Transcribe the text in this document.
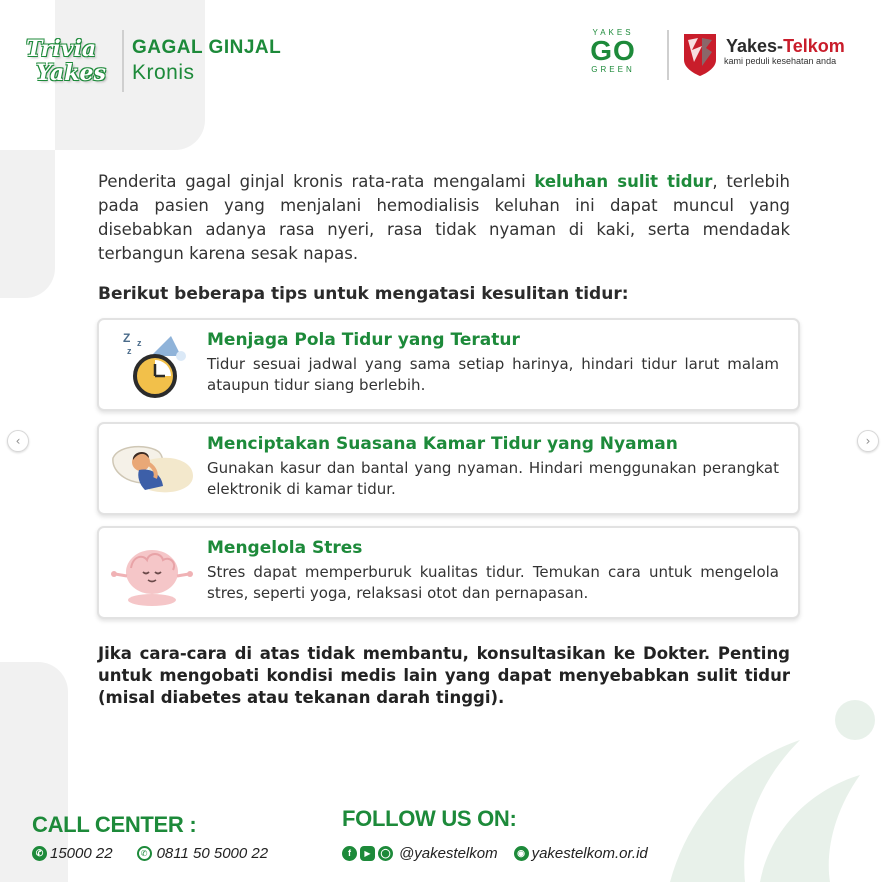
Trivia
Yakes
GAGAL GINJAL
Kronis
YAKES
GO
GREEN
Yakes-Telkom
kami peduli kesehatan anda

Penderita gagal ginjal kronis rata-rata mengalami keluhan sulit tidur, terlebih pada pasien yang menjalani hemodialisis keluhan ini dapat muncul yang disebabkan adanya rasa nyeri, rasa tidak nyaman di kaki, serta mendadak terbangun karena sesak napas.

Berikut beberapa tips untuk mengatasi kesulitan tidur:
Z
z
z	Menjaga Pola Tidur yang Teratur
Tidur sesuai jadwal yang sama setiap harinya, hindari tidur larut malam ataupun tidur siang berlebih.
Menciptakan Suasana Kamar Tidur yang Nyaman
Gunakan kasur dan bantal yang nyaman. Hindari menggunakan perangkat elektronik di kamar tidur.
Mengelola Stres
Stres dapat memperburuk kualitas tidur. Temukan cara untuk mengelola stres, seperti yoga, relaksasi otot dan pernapasan.

Jika cara-cara di atas tidak membantu, konsultasikan ke Dokter. Penting untuk mengobati kondisi medis lain yang dapat menyebabkan sulit tidur (misal diabetes atau tekanan darah tinggi).

‹	›
CALL CENTER :	FOLLOW US ON:
✆ 15000 22	✆ 0811 50 5000 22	f	▶	◯ @yakestelkom	◉ yakestelkom.or.id
